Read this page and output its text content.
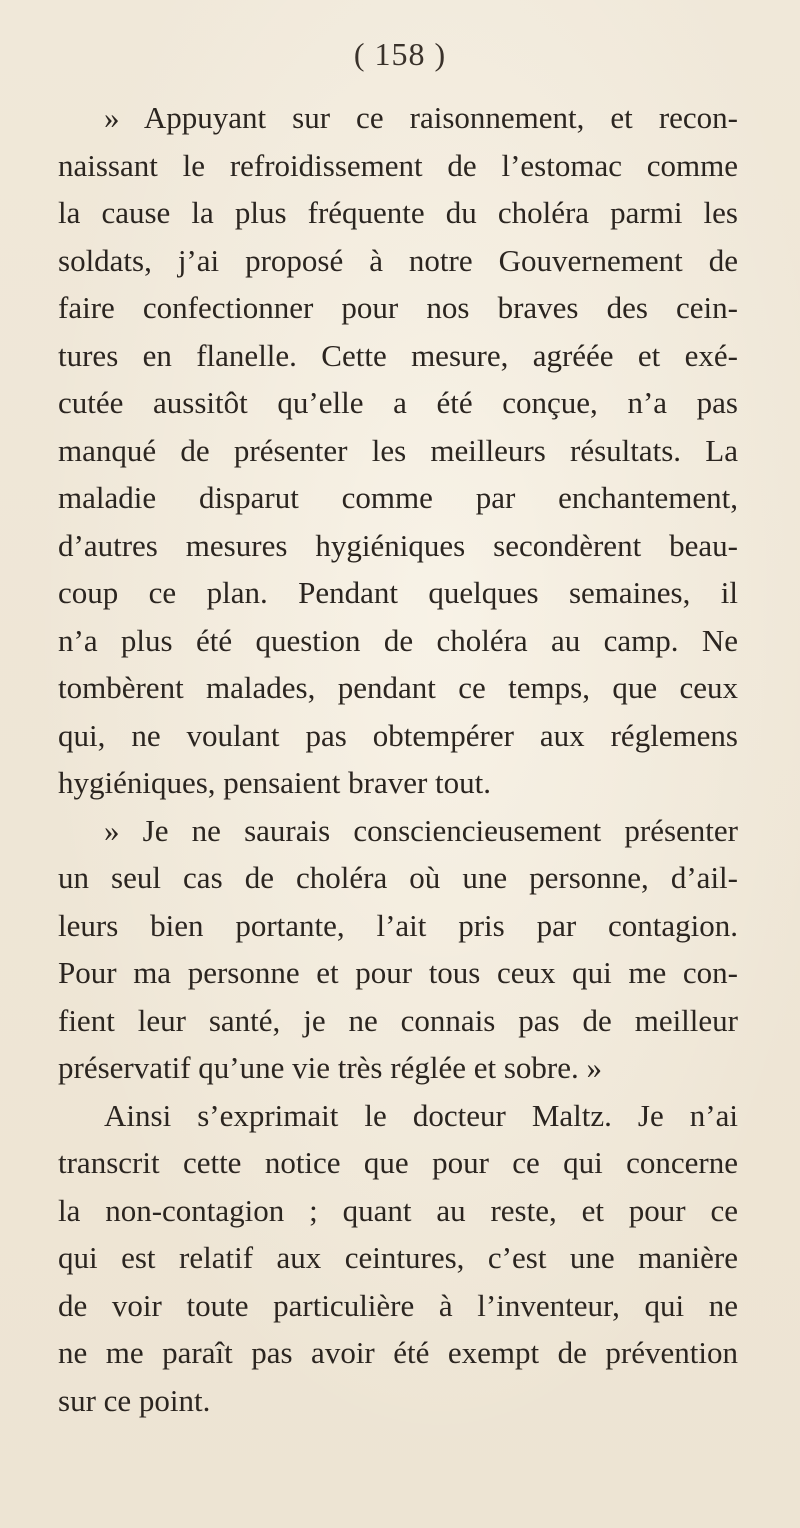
( 158 )
» Appuyant sur ce raisonnement, et recon-
naissant le refroidissement de l’estomac comme
la cause la plus fréquente du choléra parmi les
soldats, j’ai proposé à notre Gouvernement de
faire confectionner pour nos braves des cein-
tures en flanelle. Cette mesure, agréée et exé-
cutée aussitôt qu’elle a été conçue, n’a pas
manqué de présenter les meilleurs résultats. La
maladie disparut comme par enchantement,
d’autres mesures hygiéniques secondèrent beau-
coup ce plan. Pendant quelques semaines, il
n’a plus été question de choléra au camp. Ne
tombèrent malades, pendant ce temps, que ceux
qui, ne voulant pas obtempérer aux réglemens
hygiéniques, pensaient braver tout.
» Je ne saurais consciencieusement présenter
un seul cas de choléra où une personne, d’ail-
leurs bien portante, l’ait pris par contagion.
Pour ma personne et pour tous ceux qui me con-
fient leur santé, je ne connais pas de meilleur
préservatif qu’une vie très réglée et sobre. »
Ainsi s’exprimait le docteur Maltz. Je n’ai
transcrit cette notice que pour ce qui concerne
la non-contagion ; quant au reste, et pour ce
qui est relatif aux ceintures, c’est une manière
de voir toute particulière à l’inventeur, qui ne
ne me paraît pas avoir été exempt de prévention
sur ce point.
